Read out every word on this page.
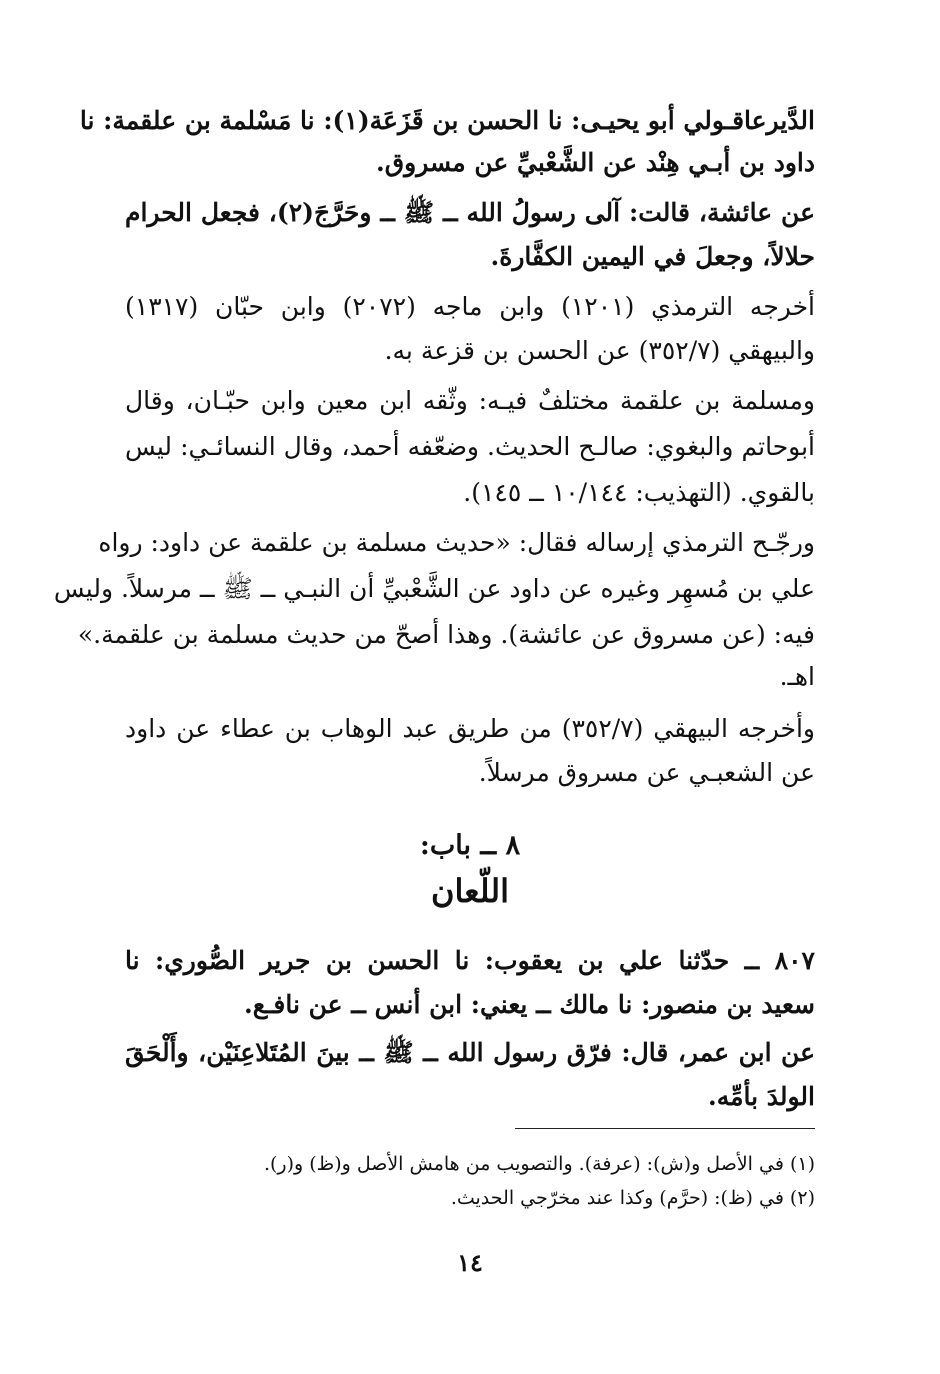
الدَّيرعاقـولي أبو يحيـى: نا الحسن بن قَزَعَة(١): نا مَسْلمة بن علقمة: نا
داود بن أبـي هِنْد عن الشَّعْبيِّ عن مسروق.
عن عائشة، قالت: آلى رسولُ الله ــ ﷺ ــ وحَرَّجَ(٢)، فجعل الحرام
حلالاً، وجعلَ في اليمين الكفَّارةَ.
أخرجه الترمذي (١٢٠١) وابن ماجه (٢٠٧٢) وابن حبّان (١٣١٧)
والبيهقي (٣٥٢/٧) عن الحسن بن قزعة به.
ومسلمة بن علقمة مختلفٌ فيـه: وثّقه ابن معين وابن حبّـان، وقال
أبوحاتم والبغوي: صالـح الحديث. وضعّفه أحمد، وقال النسائـي: ليس
بالقوي. (التهذيب: ١٠/١٤٤ ــ ١٤٥).
ورجّـح الترمذي إرساله فقال: «حديث مسلمة بن علقمة عن داود: رواه
علي بن مُسهِر وغيره عن داود عن الشَّعْبيِّ أن النبـي ــ ﷺ ــ مرسلاً. وليس
فيه: (عن مسروق عن عائشة). وهذا أصحّ من حديث مسلمة بن علقمة.»
اهـ.
وأخرجه البيهقي (٣٥٢/٧) من طريق عبد الوهاب بن عطاء عن داود
عن الشعبـي عن مسروق مرسلاً.
٨ ــ باب:
اللّعان
٨٠٧ ــ حدّثنا علي بن يعقوب: نا الحسن بن جرير الصُّوري: نا
سعيد بن منصور: نا مالك ــ يعني: ابن أنس ــ عن نافـع.
عن ابن عمر، قال: فرّق رسول الله ــ ﷺ ــ بينَ المُتَلاعِنَيْن، وأَلْحَقَ
الولدَ بأمِّه.
(١) في الأصل و(ش): (عرفة). والتصويب من هامش الأصل و(ظ) و(ر).
(٢) في (ظ): (حرَّم) وكذا عند مخرّجي الحديث.
١٤
